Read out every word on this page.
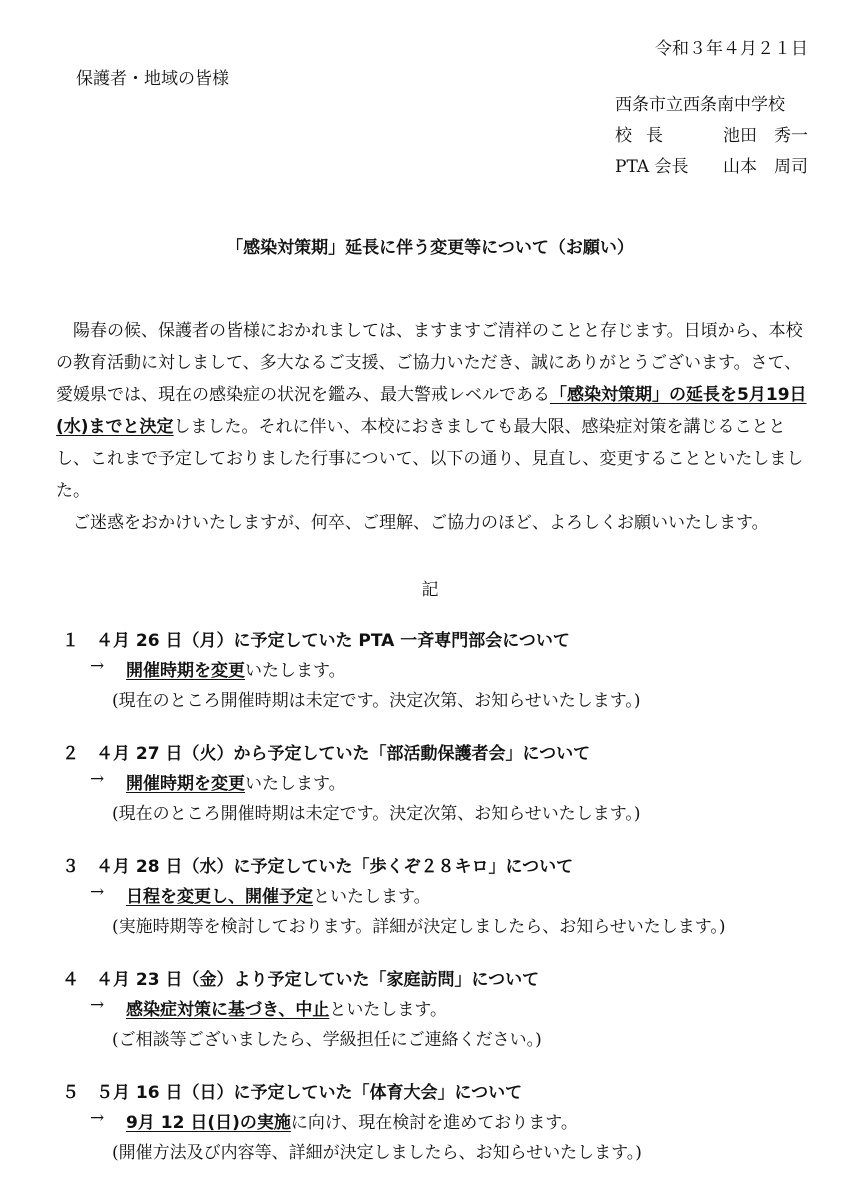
令和３年４月２１日
保護者・地域の皆様
西条市立西条南中学校
校長	池田　秀一
PTA 会長	山本　周司
「感染対策期」延長に伴う変更等について（お願い）

陽春の候、保護者の皆様におかれましては、ますますご清祥のことと存じます。日頃から、本校の教育活動に対しまして、多大なるご支援、ご協力いただき、誠にありがとうございます。さて、愛媛県では、現在の感染症の状況を鑑み、最大警戒レベルである「感染対策期」の延長を5月19日(水)までと決定しました。それに伴い、本校におきましても最大限、感染症対策を講じることとし、これまで予定しておりました行事について、以下の通り、見直し、変更することといたしました。

ご迷惑をおかけいたしますが、何卒、ご理解、ご協力のほど、よろしくお願いいたします。

記
１	４月 26 日（月）に予定していた PTA 一斉専門部会について
→	開催時期を変更 いたします。
(現在のところ開催時期は未定です。決定次第、お知らせいたします。)
２	４月 27 日（火）から予定していた「部活動保護者会」について
→	開催時期を変更 いたします。
(現在のところ開催時期は未定です。決定次第、お知らせいたします。)
３	４月 28 日（水）に予定していた「歩くぞ２８キロ」について
→	日程を変更し、開催予定 といたします。
(実施時期等を検討しております。詳細が決定しましたら、お知らせいたします。)
４	４月 23 日（金）より予定していた「家庭訪問」について
→	感染症対策に基づき、中止 といたします。
(ご相談等ございましたら、学級担任にご連絡ください。)
５	５月 16 日（日）に予定していた「体育大会」について
→	9月 12 日(日)の実施 に向け、現在検討を進めております。
(開催方法及び内容等、詳細が決定しましたら、お知らせいたします。)
